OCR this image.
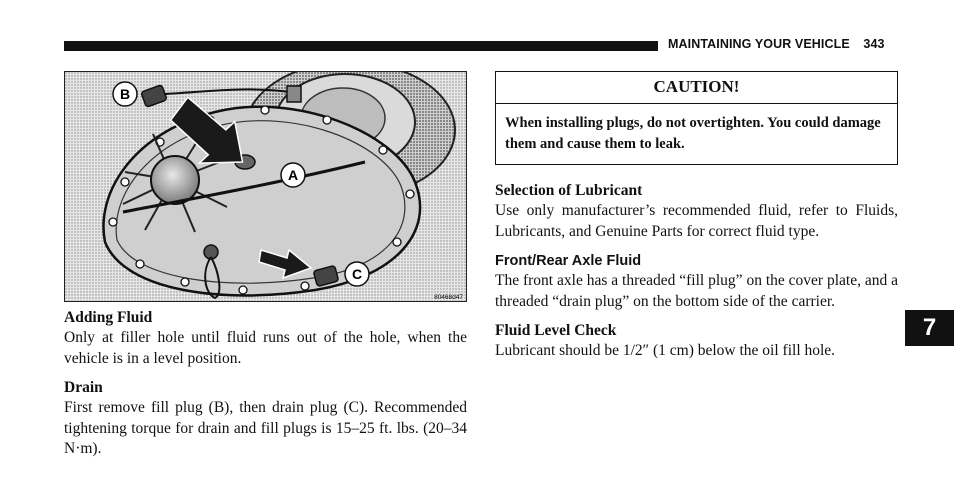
MAINTAINING YOUR VEHICLE 343
B
A
C
80468d47

Adding Fluid

Only at filler hole until fluid runs out of the hole, when the vehicle is in a level position.

Drain

First remove fill plug (B), then drain plug (C). Recommended tightening torque for drain and fill plugs is 15–25 ft. lbs. (20–34 N·m).

CAUTION!
When installing plugs, do not overtighten. You could damage them and cause them to leak.

Selection of Lubricant

Use only manufacturer’s recommended fluid, refer to Fluids, Lubricants, and Genuine Parts for correct fluid type.

Front/Rear Axle Fluid

The front axle has a threaded “fill plug” on the cover plate, and a threaded “drain plug” on the bottom side of the carrier.

Fluid Level Check

Lubricant should be 1/2″ (1 cm) below the oil fill hole.

7
